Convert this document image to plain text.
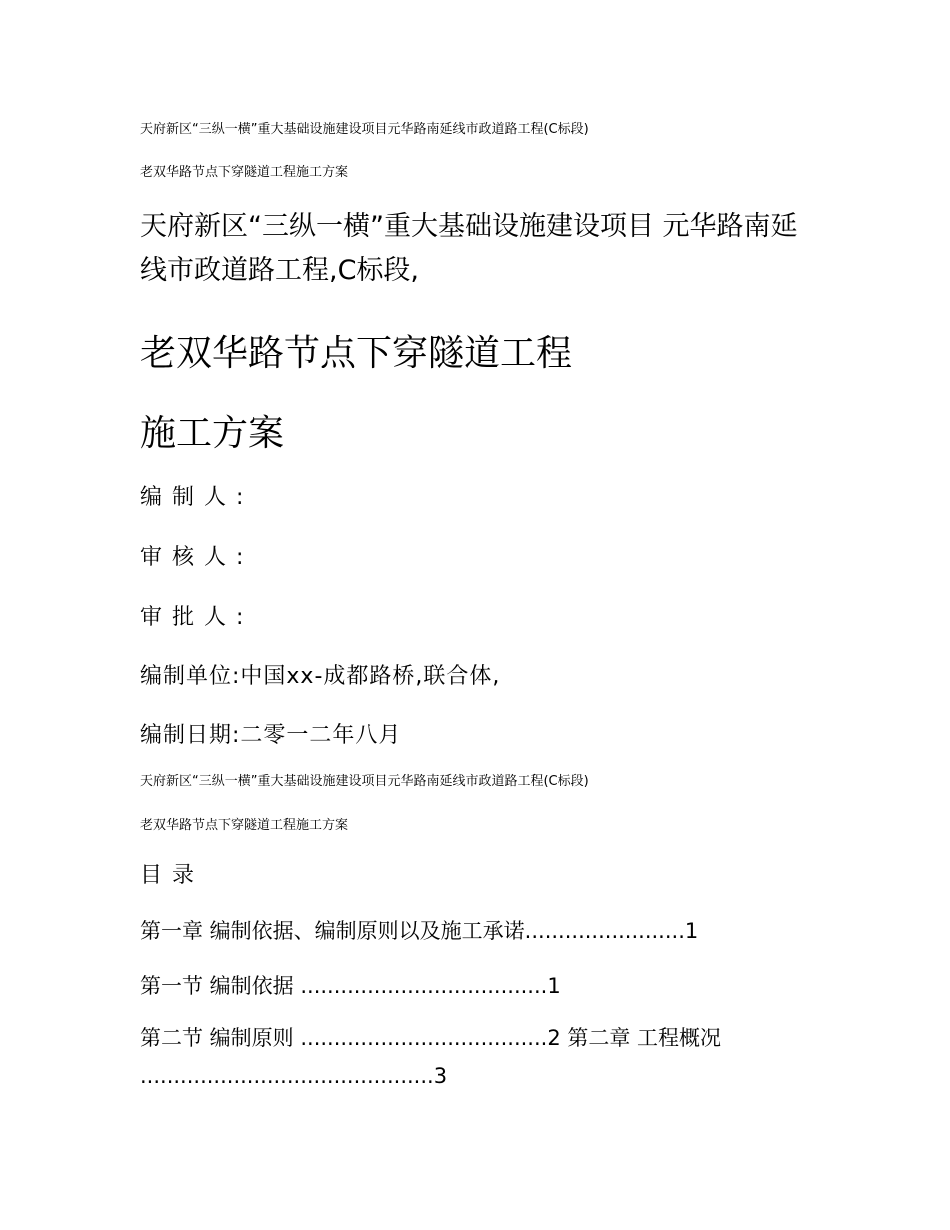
天府新区“三纵一横”重大基础设施建设项目元华路南延线市政道路工程(C标段)
老双华路节点下穿隧道工程施工方案
天府新区“三纵一横”重大基础设施建设项目 元华路南延线市政道路工程,C标段,
老双华路节点下穿隧道工程
施工方案
编制人:
审核人:
审批人:
编制单位:中国xx-成都路桥,联合体,
编制日期:二零一二年八月
天府新区“三纵一横”重大基础设施建设项目元华路南延线市政道路工程(C标段)
老双华路节点下穿隧道工程施工方案
目录
第一章 编制依据、编制原则以及施工承诺........................1
第一节 编制依据 .....................................1
第二节 编制原则 .....................................2 第二章 工程概况 ............................................3
